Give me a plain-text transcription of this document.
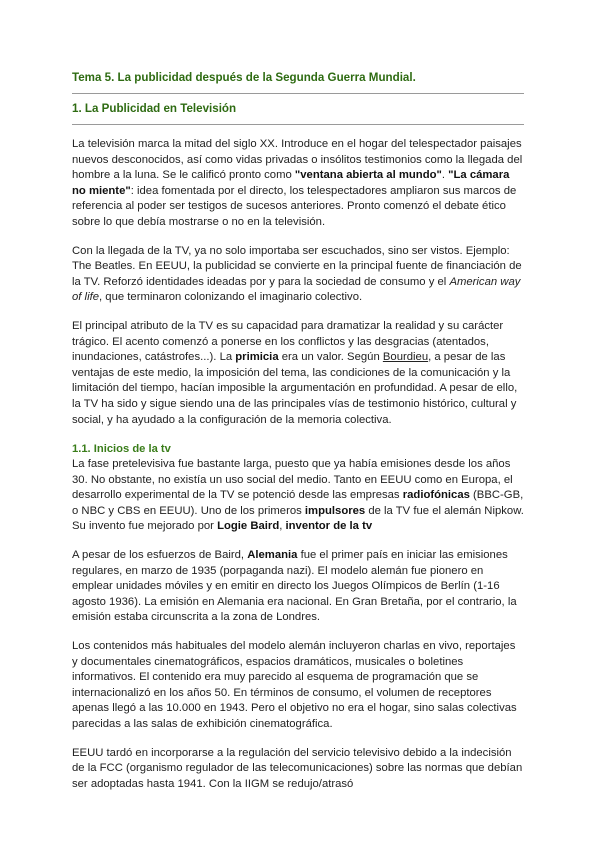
Tema 5. La publicidad después de la Segunda Guerra Mundial.
1. La Publicidad en Televisión

La televisión marca la mitad del siglo XX. Introduce en el hogar del telespectador paisajes nuevos desconocidos, así como vidas privadas o insólitos testimonios como la llegada del hombre a la luna. Se le calificó pronto como "ventana abierta al mundo". "La cámara no miente": idea fomentada por el directo, los telespectadores ampliaron sus marcos de referencia al poder ser testigos de sucesos anteriores. Pronto comenzó el debate ético sobre lo que debía mostrarse o no en la televisión.

Con la llegada de la TV, ya no solo importaba ser escuchados, sino ser vistos. Ejemplo: The Beatles. En EEUU, la publicidad se convierte en la principal fuente de financiación de la TV. Reforzó identidades ideadas por y para la sociedad de consumo y el American way of life, que terminaron colonizando el imaginario colectivo.

El principal atributo de la TV es su capacidad para dramatizar la realidad y su carácter trágico. El acento comenzó a ponerse en los conflictos y las desgracias (atentados, inundaciones, catástrofes...). La primicia era un valor. Según Bourdieu, a pesar de las ventajas de este medio, la imposición del tema, las condiciones de la comunicación y la limitación del tiempo, hacían imposible la argumentación en profundidad. A pesar de ello, la TV ha sido y sigue siendo una de las principales vías de testimonio histórico, cultural y social, y ha ayudado a la configuración de la memoria colectiva.

1.1. Inicios de la tv

La fase pretelevisiva fue bastante larga, puesto que ya había emisiones desde los años 30. No obstante, no existía un uso social del medio. Tanto en EEUU como en Europa, el desarrollo experimental de la TV se potenció desde las empresas radiofónicas (BBC-GB, o NBC y CBS en EEUU). Uno de los primeros impulsores de la TV fue el alemán Nipkow. Su invento fue mejorado por Logie Baird, inventor de la tv

A pesar de los esfuerzos de Baird, Alemania fue el primer país en iniciar las emisiones regulares, en marzo de 1935 (porpaganda nazi). El modelo alemán fue pionero en emplear unidades móviles y en emitir en directo los Juegos Olímpicos de Berlín (1-16 agosto 1936). La emisión en Alemania era nacional. En Gran Bretaña, por el contrario, la emisión estaba circunscrita a la zona de Londres.

Los contenidos más habituales del modelo alemán incluyeron charlas en vivo, reportajes y documentales cinematográficos, espacios dramáticos, musicales o boletines informativos. El contenido era muy parecido al esquema de programación que se internacionalizó en los años 50. En términos de consumo, el volumen de receptores apenas llegó a las 10.000 en 1943. Pero el objetivo no era el hogar, sino salas colectivas parecidas a las salas de exhibición cinematográfica.

EEUU tardó en incorporarse a la regulación del servicio televisivo debido a la indecisión de la FCC (organismo regulador de las telecomunicaciones) sobre las normas que debían ser adoptadas hasta 1941. Con la IIGM se redujo/atrasó
